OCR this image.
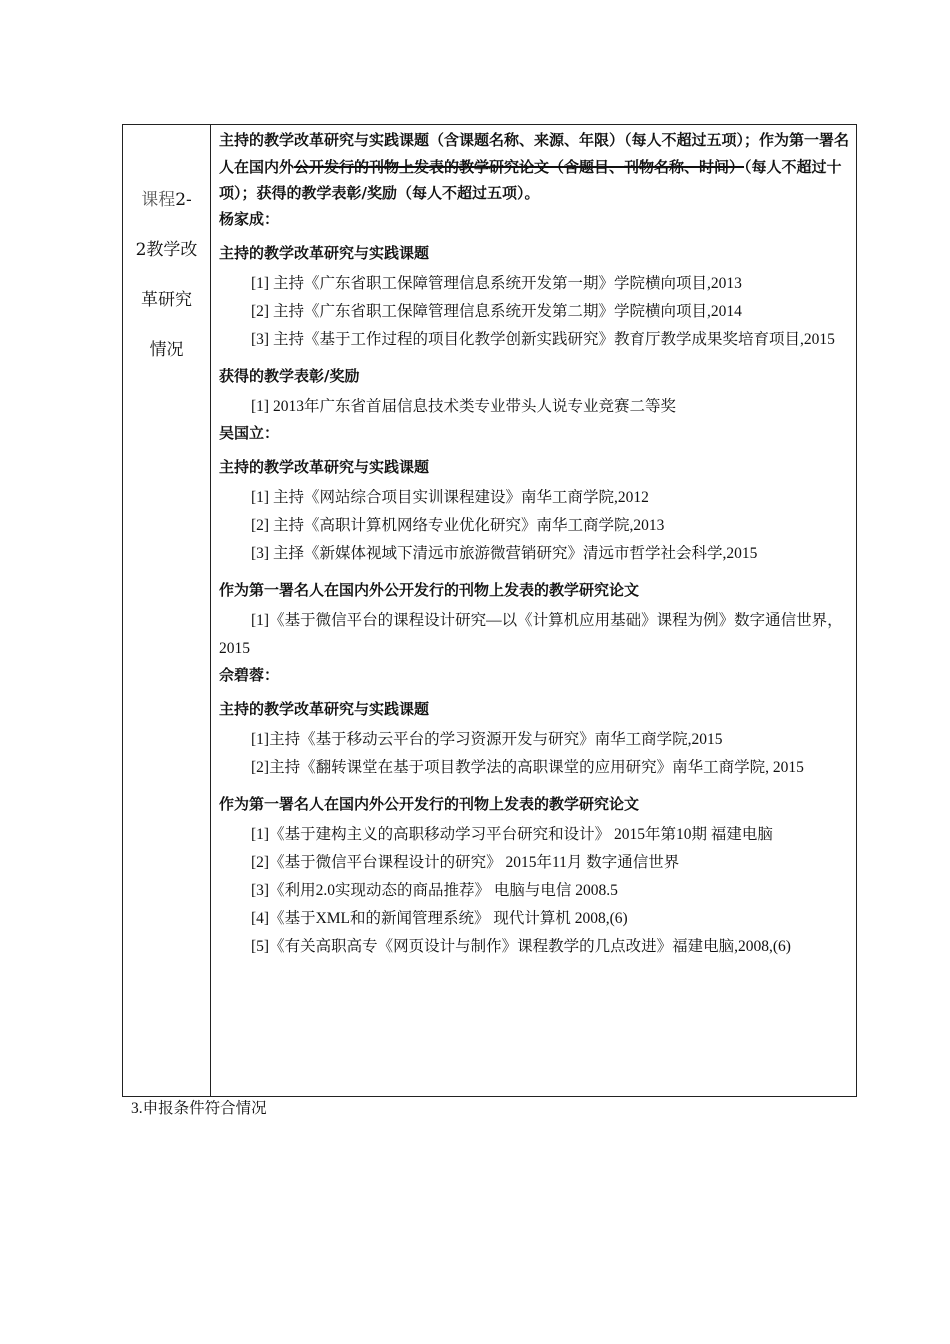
课程2-
2教学改
革研究
情况

主持的教学改革研究与实践课题（含课题名称、来源、年限）（每人不超过五项）；作为第一署名人在国内外公开发行的刊物上发表的教学研究论文（含题目、刊物名称、时间）（每人不超过十项）；获得的教学表彰/奖励（每人不超过五项）。
杨家成：
主持的教学改革研究与实践课题
[1] 主持《广东省职工保障管理信息系统开发第一期》学院横向项目,2013
[2] 主持《广东省职工保障管理信息系统开发第二期》学院横向项目,2014
[3] 主持《基于工作过程的项目化教学创新实践研究》教育厅教学成果奖培育项目,2015
获得的教学表彰/奖励
[1] 2013年广东省首届信息技术类专业带头人说专业竞赛二等奖
吴国立：
主持的教学改革研究与实践课题
[1] 主持《网站综合项目实训课程建设》南华工商学院,2012
[2] 主持《高职计算机网络专业优化研究》南华工商学院,2013
[3] 主择《新媒体视域下清远市旅游微营销研究》清远市哲学社会科学,2015
作为第一署名人在国内外公开发行的刊物上发表的教学研究论文
[1]《基于微信平台的课程设计研究—以《计算机应用基础》课程为例》数字通信世界，2015
佘碧蓉：
主持的教学改革研究与实践课题
[1]主持《基于移动云平台的学习资源开发与研究》南华工商学院,2015
[2]主持《翻转课堂在基于项目教学法的高职课堂的应用研究》南华工商学院, 2015
作为第一署名人在国内外公开发行的刊物上发表的教学研究论文
[1]《基于建构主义的高职移动学习平台研究和设计》 2015年第10期 福建电脑
[2]《基于微信平台课程设计的研究》 2015年11月 数字通信世界
[3]《利用2.0实现动态的商品推荐》 电脑与电信 2008.5
[4]《基于XML和的新闻管理系统》 现代计算机 2008,(6)
[5]《有关高职高专《网页设计与制作》课程教学的几点改进》福建电脑,2008,(6)
3.申报条件符合情况
